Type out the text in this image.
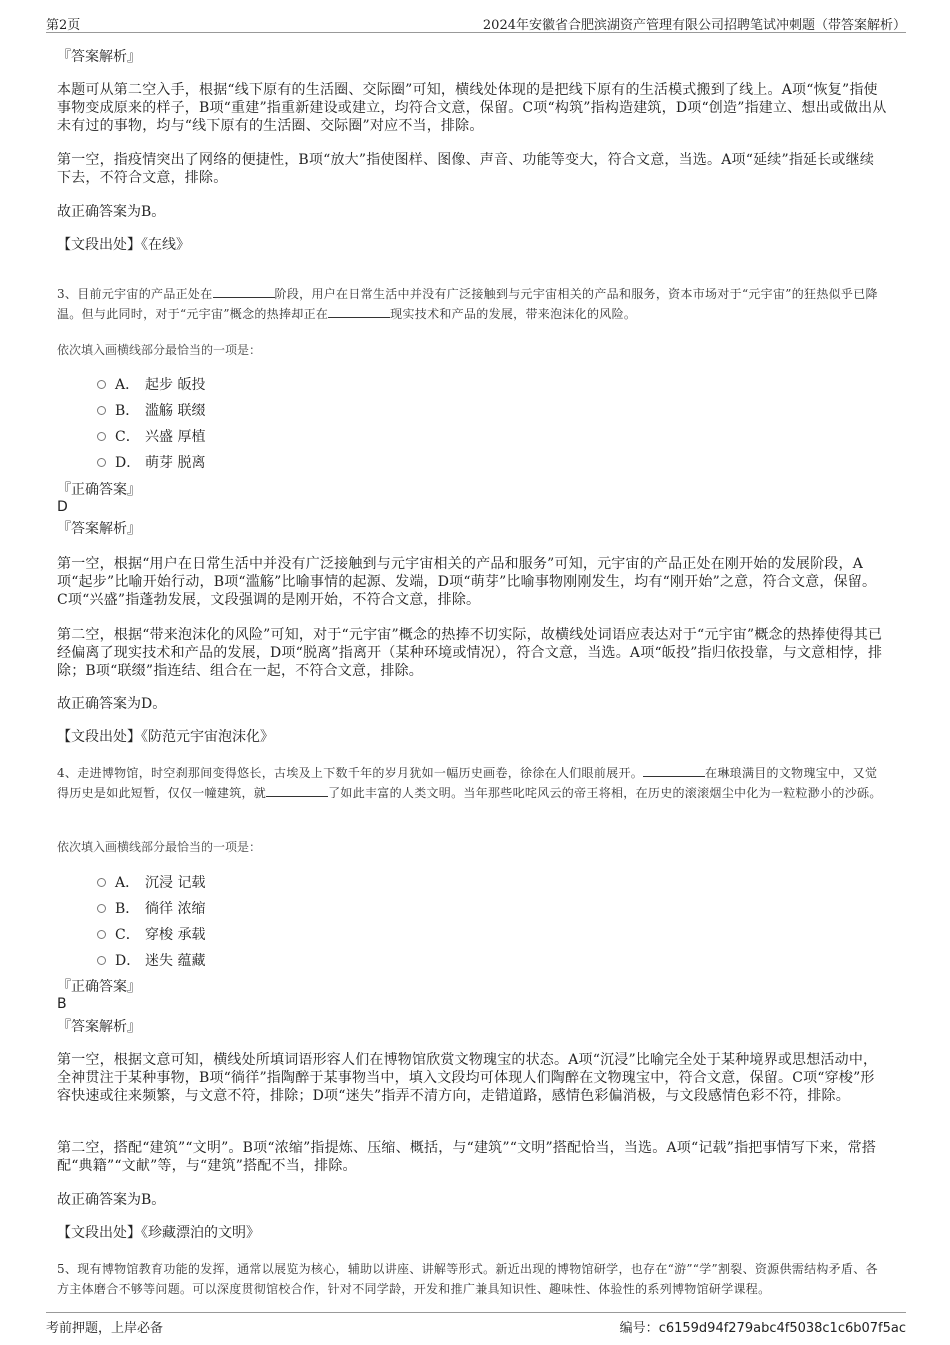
第2页	2024年安徽省合肥滨湖资产管理有限公司招聘笔试冲刺题（带答案解析）
『答案解析』

本题可从第二空入手，根据“线下原有的生活圈、交际圈”可知，横线处体现的是把线下原有的生活模式搬到了线上。A项“恢复”指使事物变成原来的样子，B项“重建”指重新建设或建立，均符合文意，保留。C项“构筑”指构造建筑，D项“创造”指建立、想出或做出从未有过的事物，均与“线下原有的生活圈、交际圈”对应不当，排除。

第一空，指疫情突出了网络的便捷性，B项“放大”指使图样、图像、声音、功能等变大，符合文意，当选。A项“延续”指延长或继续下去，不符合文意，排除。

故正确答案为B。
【文段出处】《在线》
3、目前元宇宙的产品正处在	阶段，用户在日常生活中并没有广泛接触到与元宇宙相关的产品和服务，资本市场对于“元宇宙”的狂热似乎已降温。但与此同时，对于“元宇宙”概念的热捧却正在	现实技术和产品的发展，带来泡沫化的风险。
依次填入画横线部分最恰当的一项是：
A． 起步 皈投
B． 滥觞 联缀
C． 兴盛 厚植
D． 萌芽 脱离
『正确答案』
D
『答案解析』

第一空，根据“用户在日常生活中并没有广泛接触到与元宇宙相关的产品和服务”可知，元宇宙的产品正处在刚开始的发展阶段，A项“起步”比喻开始行动，B项“滥觞”比喻事情的起源、发端，D项“萌芽”比喻事物刚刚发生，均有“刚开始”之意，符合文意，保留。C项“兴盛”指蓬勃发展，文段强调的是刚开始，不符合文意，排除。

第二空，根据“带来泡沫化的风险”可知，对于“元宇宙”概念的热捧不切实际，故横线处词语应表达对于“元宇宙”概念的热捧使得其已经偏离了现实技术和产品的发展，D项“脱离”指离开（某种环境或情况），符合文意，当选。A项“皈投”指归依投靠，与文意相悖，排除；B项“联缀”指连结、组合在一起，不符合文意，排除。

故正确答案为D。
【文段出处】《防范元宇宙泡沫化》
4、走进博物馆，时空刹那间变得悠长，古埃及上下数千年的岁月犹如一幅历史画卷，徐徐在人们眼前展开。	在琳琅满目的文物瑰宝中，又觉得历史是如此短暂，仅仅一幢建筑，就	了如此丰富的人类文明。当年那些叱咤风云的帝王将相，在历史的滚滚烟尘中化为一粒粒渺小的沙砾。
依次填入画横线部分最恰当的一项是：
A． 沉浸 记载
B． 徜徉 浓缩
C． 穿梭 承载
D． 迷失 蕴藏
『正确答案』
B
『答案解析』

第一空，根据文意可知，横线处所填词语形容人们在博物馆欣赏文物瑰宝的状态。A项“沉浸”比喻完全处于某种境界或思想活动中，全神贯注于某种事物，B项“徜徉”指陶醉于某事物当中，填入文段均可体现人们陶醉在文物瑰宝中，符合文意，保留。C项“穿梭”形容快速或往来频繁，与文意不符，排除；D项“迷失”指弄不清方向，走错道路，感情色彩偏消极，与文段感情色彩不符，排除。

第二空，搭配“建筑”“文明”。B项“浓缩”指提炼、压缩、概括，与“建筑”“文明”搭配恰当，当选。A项“记载”指把事情写下来，常搭配“典籍”“文献”等，与“建筑”搭配不当，排除。

故正确答案为B。
【文段出处】《珍藏漂泊的文明》
5、现有博物馆教育功能的发挥，通常以展览为核心，辅助以讲座、讲解等形式。新近出现的博物馆研学，也存在“游”“学”割裂、资源供需结构矛盾、各方主体磨合不够等问题。可以深度贯彻馆校合作，针对不同学龄，开发和推广兼具知识性、趣味性、体验性的系列博物馆研学课程。
考前押题，上岸必备	编号：c6159d94f279abc4f5038c1c6b07f5ac
